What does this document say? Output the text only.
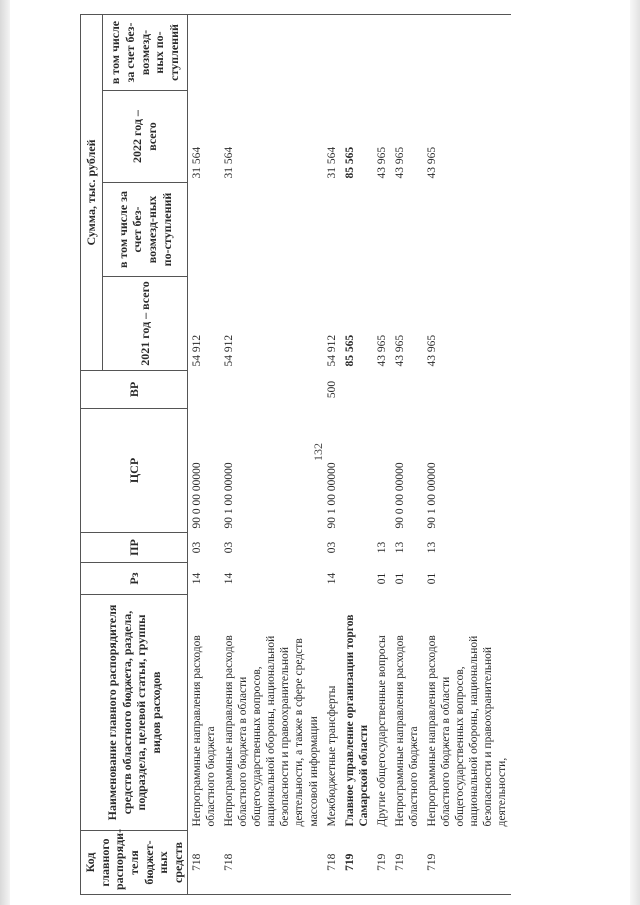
132
Код главного распоряди-теля бюджет-ных средств	Наименование главного распорядителя средств областного бюджета, раздела, подраздела, целевой статьи, группы видов расходов	Рз	ПР	ЦСР	ВР	Сумма, тыс. рублей			
						2021 год – всего	в том числе за счет без-возмезд-ных по-ступлений	2022 год – всего	в том числе за счет без-возмезд-ных по-ступлений
718	Непрограммные направления расходов областного бюджета	14	03	90 0 00 00000		54 912		31 564	
718	Непрограммные направления расходов областного бюджета в области общегосударственных вопросов, национальной обороны, национальной безопасности и правоохранительной деятельности, а также в сфере средств массовой информации	14	03	90 1 00 00000		54 912		31 564	
718	Межбюджетные трансферты	14	03	90 1 00 00000	500	54 912		31 564	
719	Главное управление организации торгов Самарской области					85 565		85 565	
719	Другие общегосударственные вопросы	01	13			43 965		43 965	
719	Непрограммные направления расходов областного бюджета	01	13	90 0 00 00000		43 965		43 965	
719	Непрограммные направления расходов областного бюджета в области общегосударственных вопросов, национальной обороны, национальной безопасности и правоохранительной деятельности,	01	13	90 1 00 00000		43 965		43 965	
